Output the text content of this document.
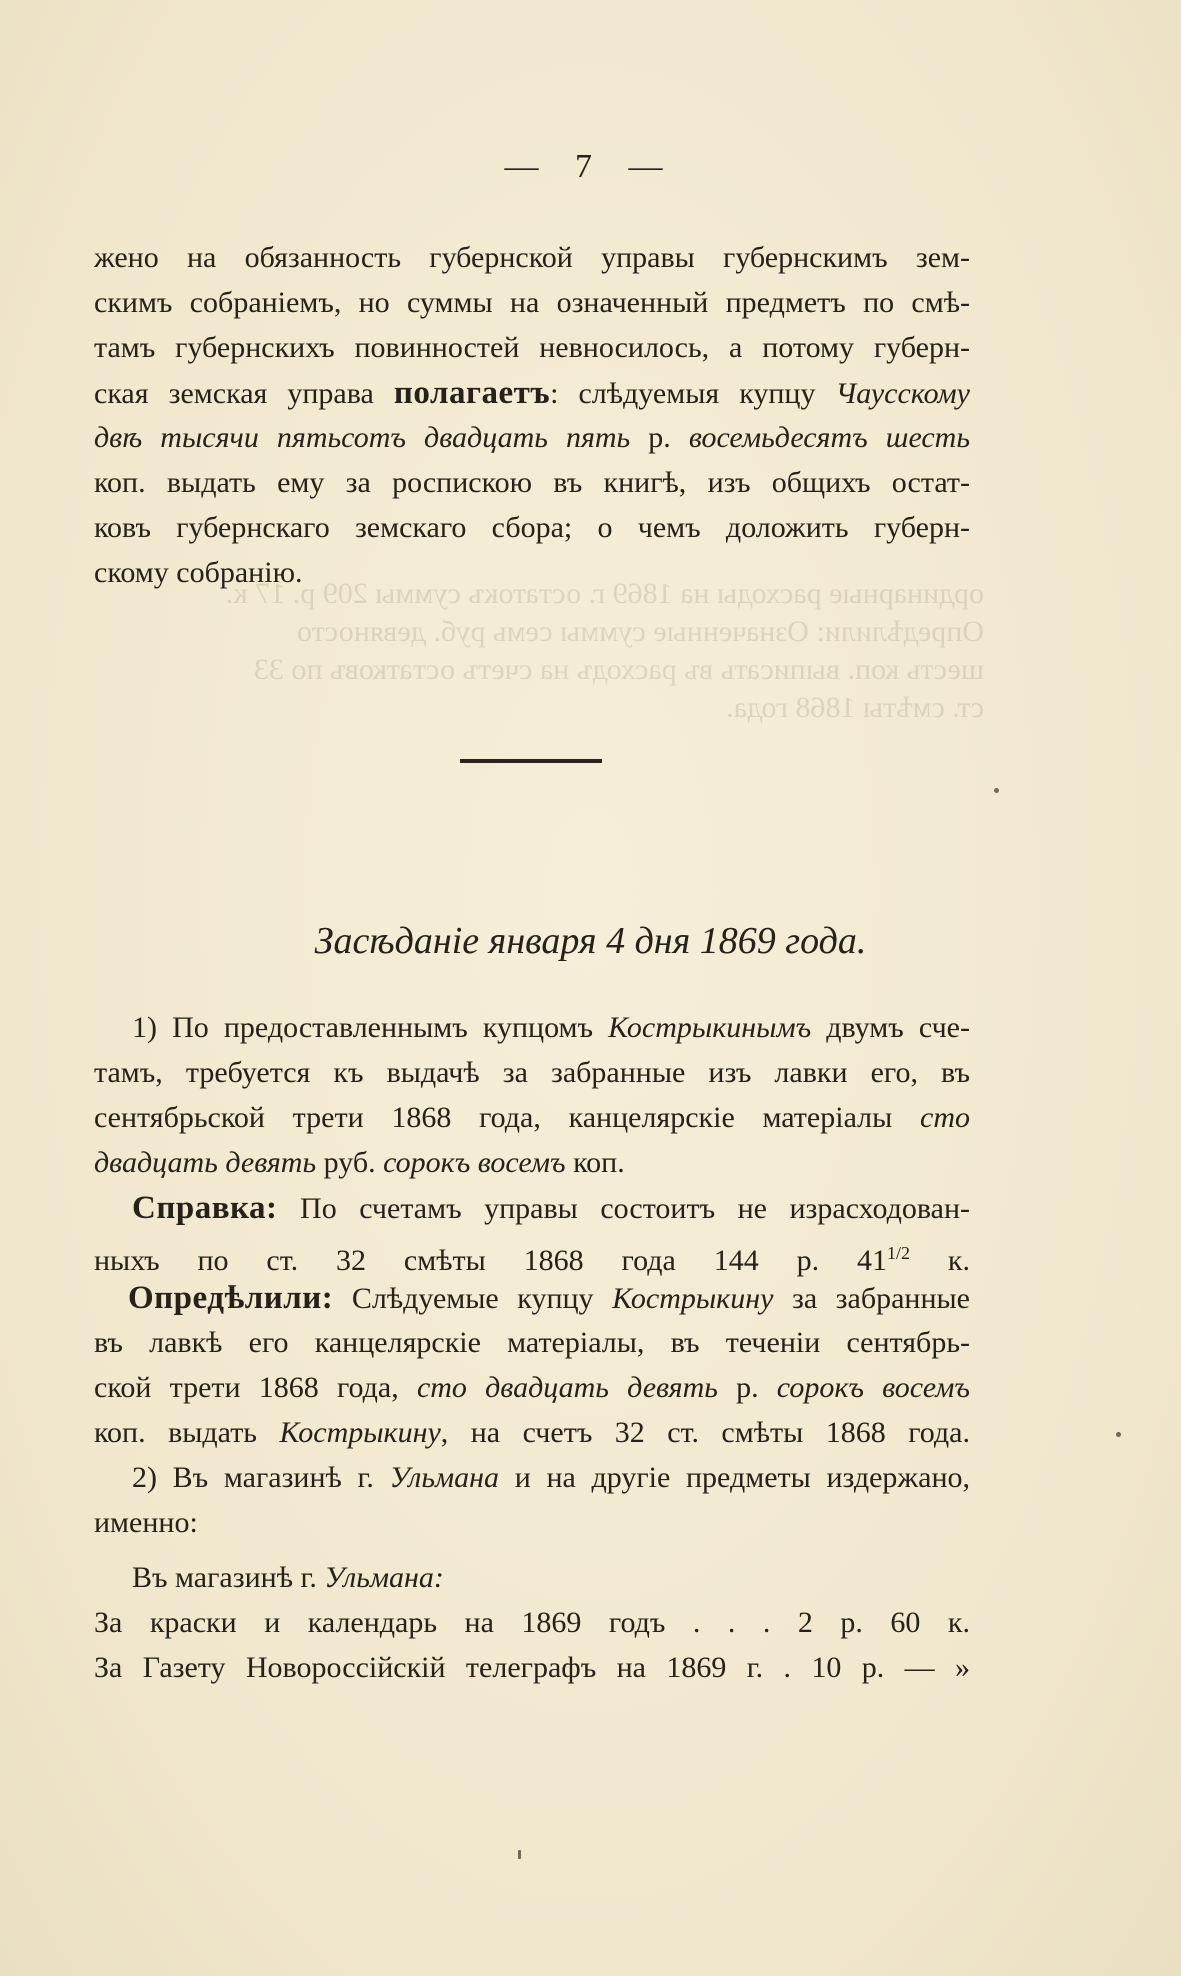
ординарные расходы на 1869 г. остатокъ суммы 209 р. 17 к.
Опредѣлили: Означенные суммы семь руб. девяносто
шесть коп. выписать въ расходъ на счетъ остатковъ по 33
ст. смѣты 1868 года.
— 7 —
жено на обязанность губернской управы губернскимъ зем-
скимъ собраніемъ, но суммы на означенный предметъ по смѣ-
тамъ губернскихъ повинностей невносилось, а потому губерн-
ская земская управа полагаетъ: слѣдуемыя купцу Чаусскому
двѣ тысячи пятьсотъ двадцать пять р. восемьдесятъ шесть
коп. выдать ему за роспискою въ книгѣ, изъ общихъ остат-
ковъ губернскаго земскаго сбора; о чемъ доложить губерн-
скому собранію.
Засѣданіе января 4 дня 1869 года.
1) По предоставленнымъ купцомъ Кострыкинымъ двумъ сче-
тамъ, требуется къ выдачѣ за забранные изъ лавки его, въ
сентябрьской трети 1868 года, канцелярскіе матеріалы сто
двадцать девять руб. сорокъ восемъ коп.
Справка: По счетамъ управы состоитъ не израсходован-
ныхъ по ст. 32 смѣты 1868 года 144 р. $41^{1/2}$ к.
Опредѣлили: Слѣдуемые купцу Кострыкину за забранные
въ лавкѣ его канцелярскіе матеріалы, въ теченіи сентябрь-
ской трети 1868 года, сто двадцать девять р. сорокъ восемъ
коп. выдать Кострыкину, на счетъ 32 ст. смѣты 1868 года.
2) Въ магазинѣ г. Ульмана и на другіе предметы издержано,
именно:
Въ магазинѣ г. Ульмана:
За краски и календарь на 1869 годъ . . . 2 р. 60 к.
За Газету Новороссійскій телеграфъ на 1869 г. . 10 р. — »
